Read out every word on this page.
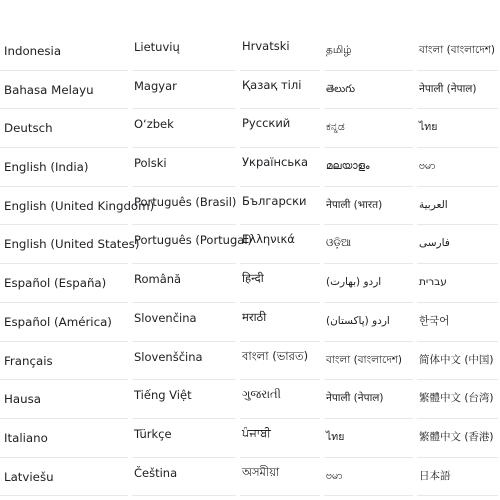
Indonesia
Bahasa Melayu
Deutsch
English (India)
English (United Kingdom)
English (United States)
Español (España)
Español (América)
Français
Hausa
Italiano
Latviešu
Lietuvių
Magyar
O‘zbek
Polski
Português (Brasil)
Português (Portugal)
Română
Slovenčina
Slovenščina
Tiếng Việt
Türkçe
Čeština
Hrvatski
Қазақ тілі
Русский
Українська
Български
Ελληνικά
हिन्दी
मराठी
বাংলা (ভারত)
ગુજરાતી
ਪੰਜਾਬੀ
অসমীয়া
தமிழ்
తెలుగు
ಕನ್ನಡ
മലയാളം
नेपाली (भारत)
ଓଡ଼ିଆ
اردو (بھارت)
اردو (پاکستان)
বাংলা (বাংলাদেশ)
नेपाली (नेपाल)
ไทย
ဗမာ
বাংলা (বাংলাদেশ)
नेपाली (नेपाल)
ไทย
ဗမာ
العربية
فارسی
עברית
한국어
简体中文 (中国)
繁體中文 (台湾)
繁體中文 (香港)
日本語
